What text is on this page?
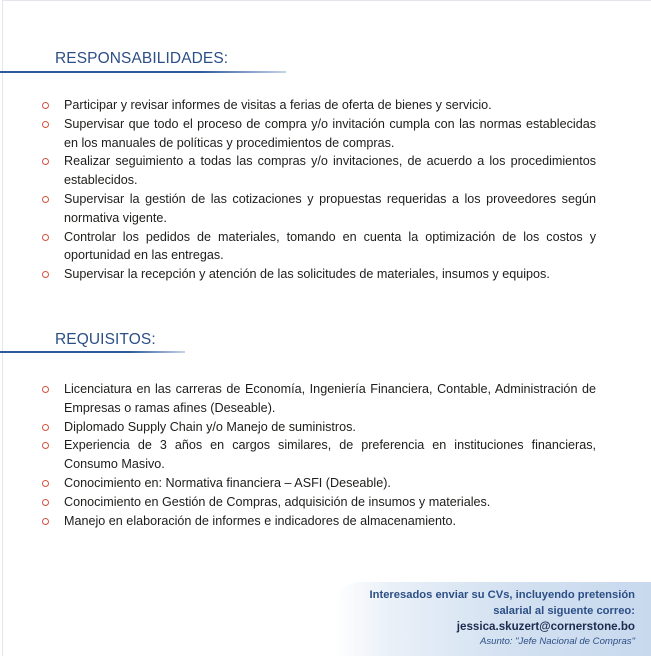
RESPONSABILIDADES:
Participar y revisar informes de visitas a ferias de oferta de bienes y servicio.
Supervisar que todo el proceso de compra y/o invitación cumpla con las normas establecidas en los manuales de políticas y procedimientos de compras.
Realizar seguimiento a todas las compras y/o invitaciones, de acuerdo a los procedimientos establecidos.
Supervisar la gestión de las cotizaciones y propuestas requeridas a los proveedores según normativa vigente.
Controlar los pedidos de materiales, tomando en cuenta la optimización de los costos y oportunidad en las entregas.
Supervisar la recepción y atención de las solicitudes de materiales, insumos y equipos.
REQUISITOS:
Licenciatura en las carreras de Economía, Ingeniería Financiera, Contable, Administración de Empresas o ramas afines (Deseable).
Diplomado Supply Chain y/o Manejo de suministros.
Experiencia de 3 años en cargos similares, de preferencia en instituciones financieras, Consumo Masivo.
Conocimiento en: Normativa financiera – ASFI (Deseable).
Conocimiento en Gestión de Compras, adquisición de insumos y materiales.
Manejo en elaboración de informes e indicadores de almacenamiento.
Interesados enviar su CVs, incluyendo pretensión
salarial al siguente correo:
jessica.skuzert@cornerstone.bo
Asunto: "Jefe Nacional de Compras"
